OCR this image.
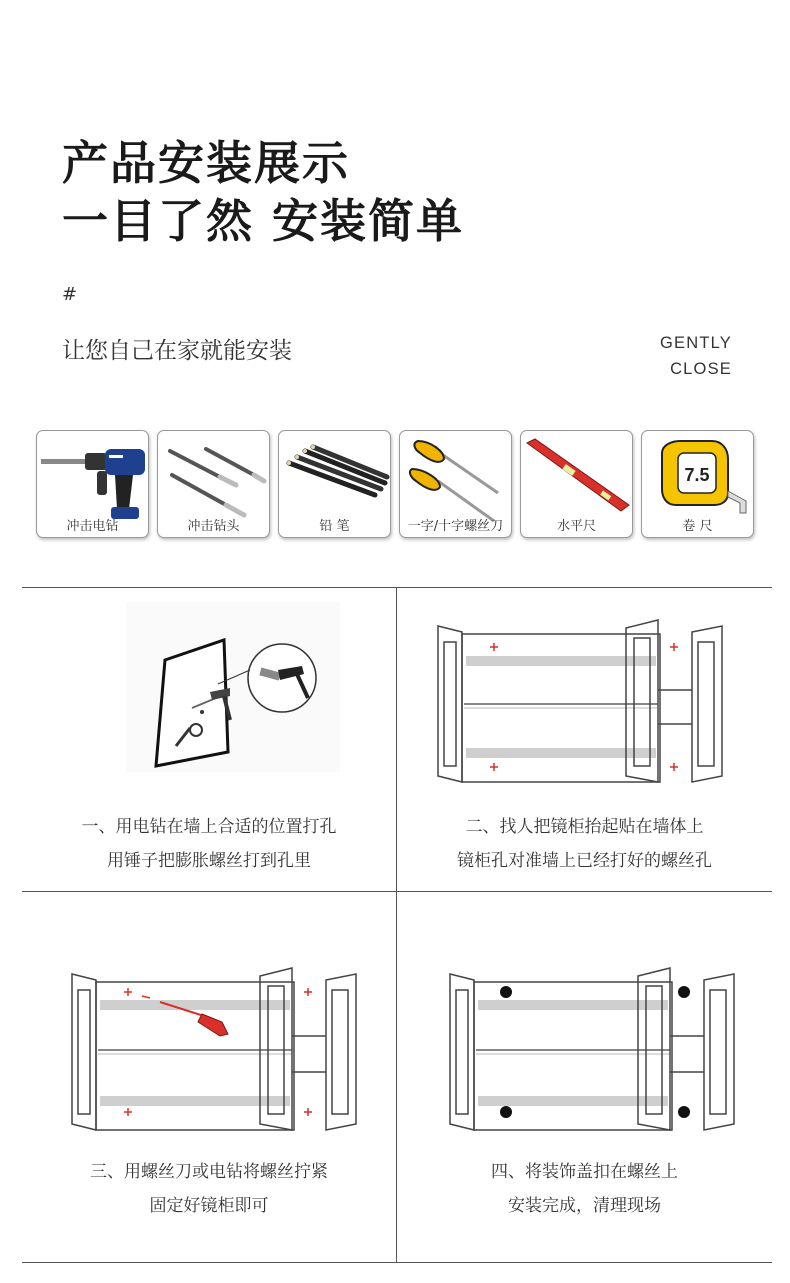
产品安装展示
一目了然 安装简单
#
让您自己在家就能安装	GENTLY
CLOSE
冲击电钻	冲击钻头	铅 笔	一字/十字螺丝刀	水平尺
7.5
卷 尺
一、用电钻在墙上合适的位置打孔
用锤子把膨胀螺丝打到孔里
二、找人把镜柜抬起贴在墙体上
镜柜孔对准墙上已经打好的螺丝孔
三、用螺丝刀或电钻将螺丝拧紧
固定好镜柜即可
四、将装饰盖扣在螺丝上
安装完成，清理现场
